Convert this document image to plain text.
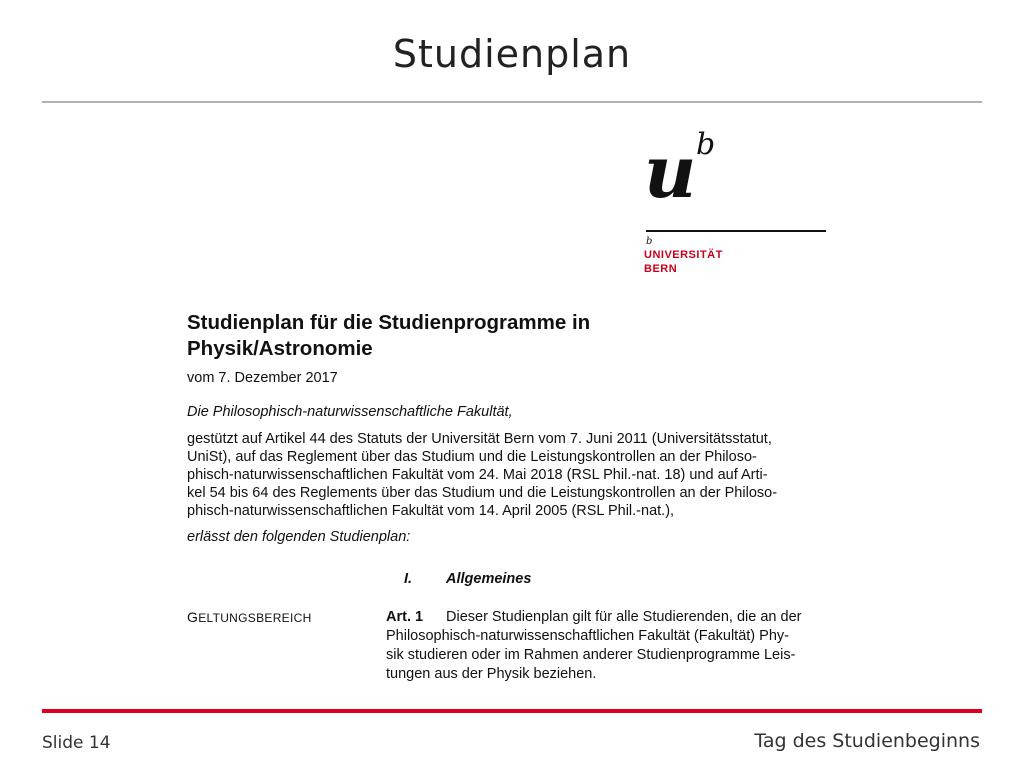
Studienplan
u b
b
UNIVERSITÄT
BERN
Studienplan für die Studienprogramme in
Physik/Astronomie
vom 7. Dezember 2017
Die Philosophisch-naturwissenschaftliche Fakultät,
gestützt auf Artikel 44 des Statuts der Universität Bern vom 7. Juni 2011 (Universitätsstatut,
UniSt), auf das Reglement über das Studium und die Leistungskontrollen an der Philoso-
phisch-naturwissenschaftlichen Fakultät vom 24. Mai 2018 (RSL Phil.-nat. 18) und auf Arti-
kel 54 bis 64 des Reglements über das Studium und die Leistungskontrollen an der Philoso-
phisch-naturwissenschaftlichen Fakultät vom 14. April 2005 (RSL Phil.-nat.),
erlässt den folgenden Studienplan:
I. Allgemeines
GELTUNGSBEREICH	Art. 1 Dieser Studienplan gilt für alle Studierenden, die an der
Philosophisch-naturwissenschaftlichen Fakultät (Fakultät) Phy-
sik studieren oder im Rahmen anderer Studienprogramme Leis-
tungen aus der Physik beziehen.
Slide 14	Tag des Studienbeginns
